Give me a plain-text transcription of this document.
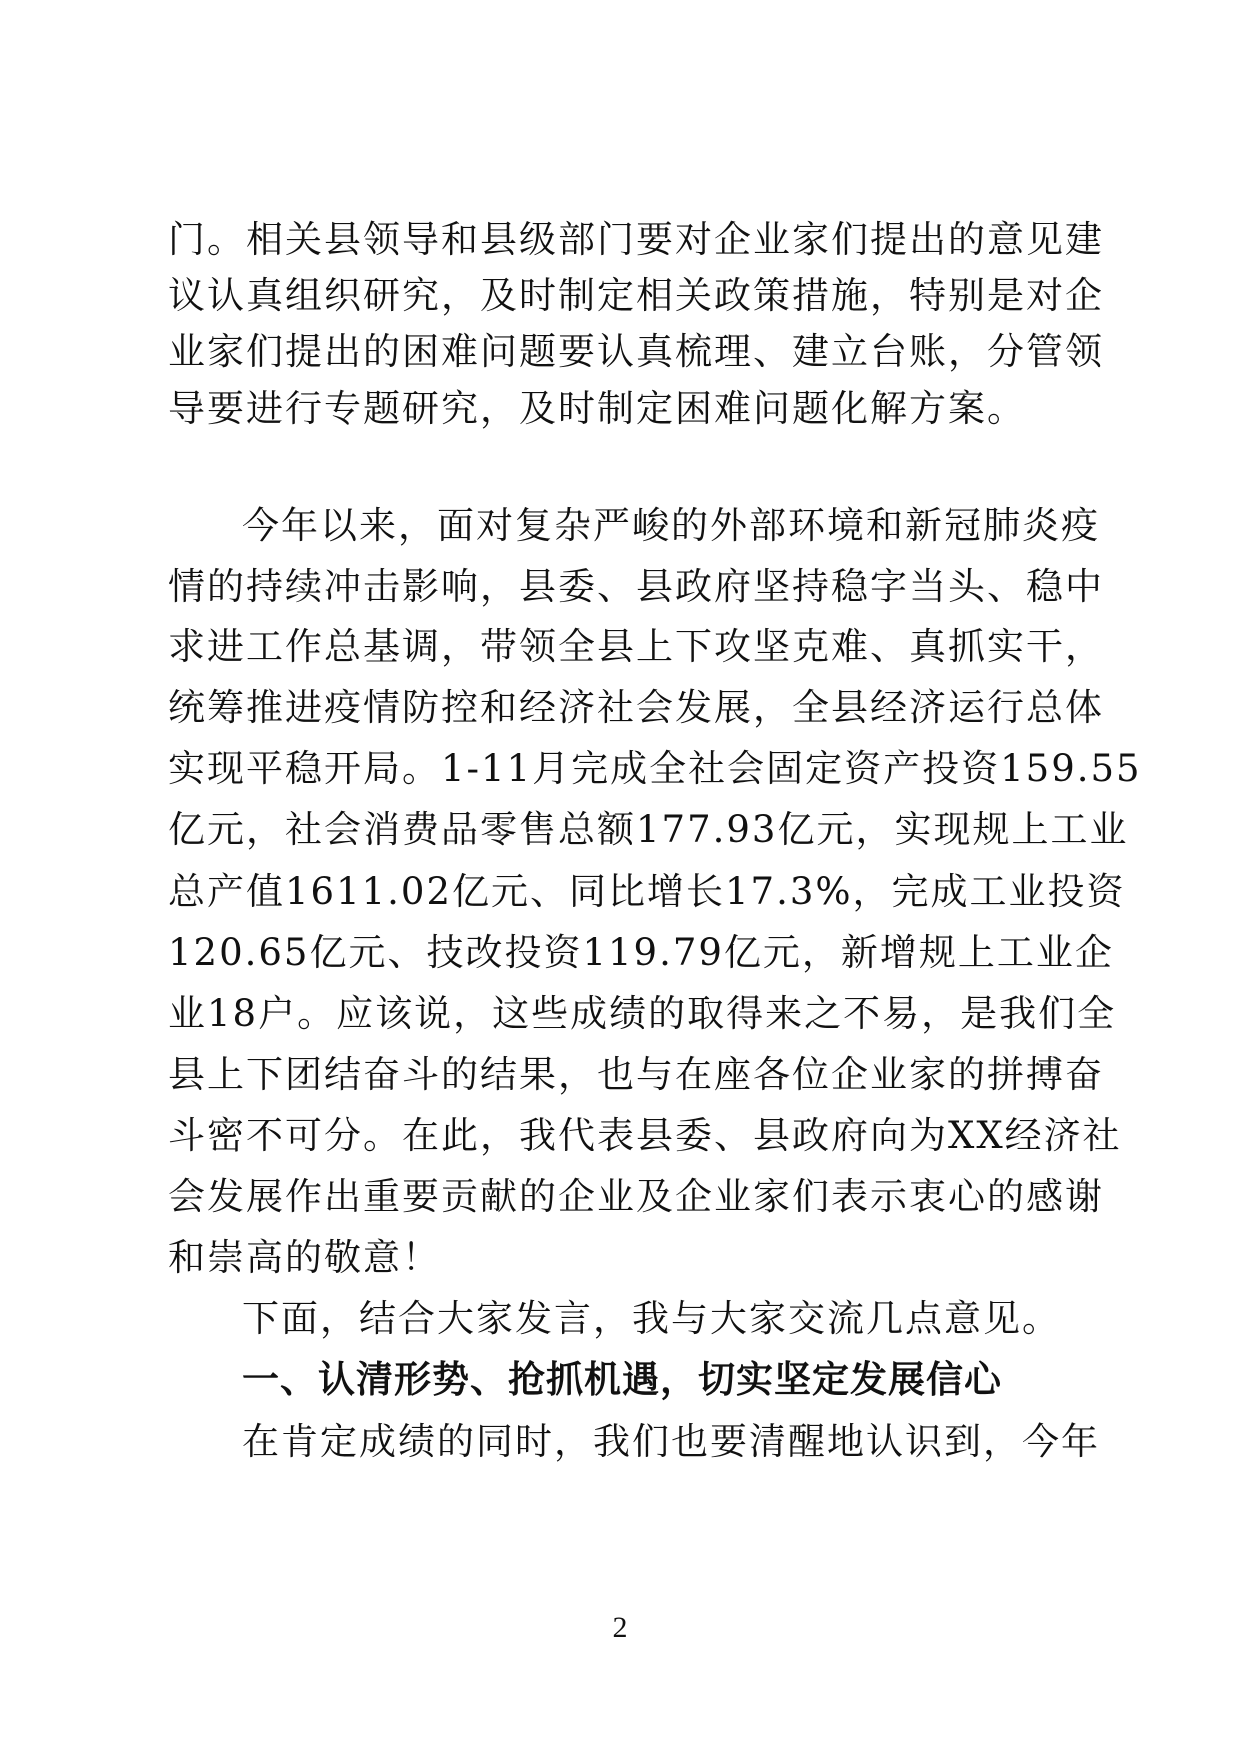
门。相关县领导和县级部门要对企业家们提出的意见建
议认真组织研究，及时制定相关政策措施，特别是对企
业家们提出的困难问题要认真梳理、建立台账，分管领
导要进行专题研究，及时制定困难问题化解方案。
今年以来，面对复杂严峻的外部环境和新冠肺炎疫
情的持续冲击影响，县委、县政府坚持稳字当头、稳中
求进工作总基调，带领全县上下攻坚克难、真抓实干，
统筹推进疫情防控和经济社会发展，全县经济运行总体
实现平稳开局。1-11月完成全社会固定资产投资159.55
亿元，社会消费品零售总额177.93亿元，实现规上工业
总产值1611.02亿元、同比增长17.3%，完成工业投资
120.65亿元、技改投资119.79亿元，新增规上工业企
业18户。应该说，这些成绩的取得来之不易，是我们全
县上下团结奋斗的结果，也与在座各位企业家的拼搏奋
斗密不可分。在此，我代表县委、县政府向为XX经济社
会发展作出重要贡献的企业及企业家们表示衷心的感谢
和崇高的敬意！
下面，结合大家发言，我与大家交流几点意见。
一、认清形势、抢抓机遇，切实坚定发展信心
在肯定成绩的同时，我们也要清醒地认识到，今年
2
